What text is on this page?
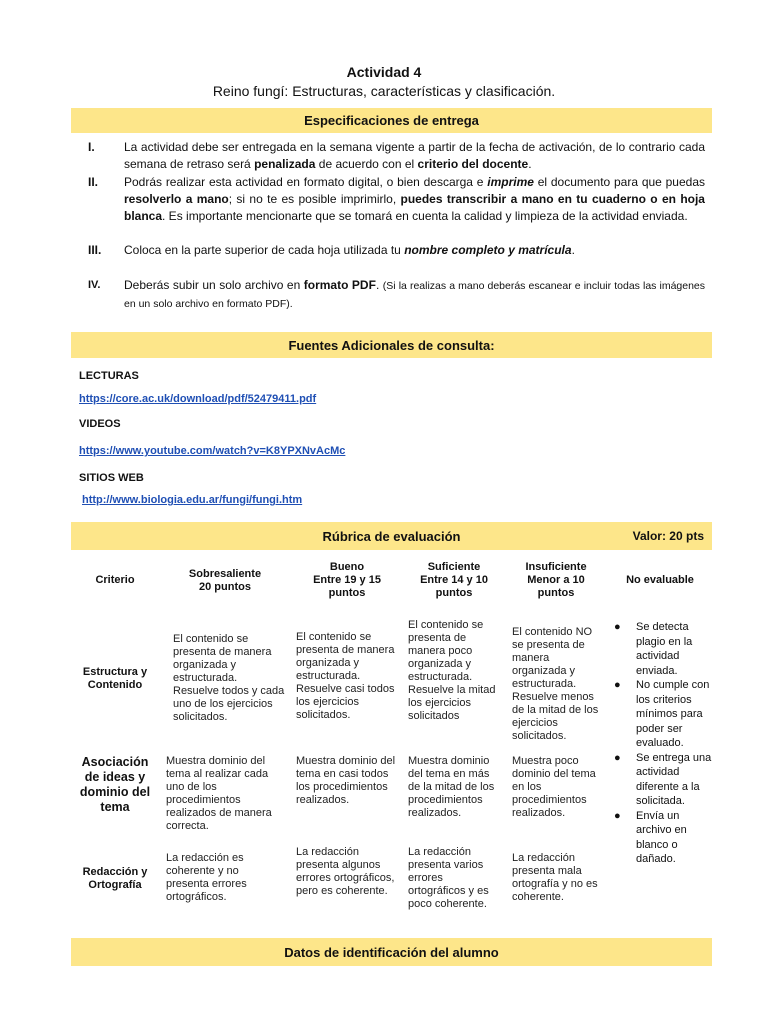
Actividad 4
Reino fungí: Estructuras, características y clasificación.
Especificaciones de entrega
I. La actividad debe ser entregada en la semana vigente a partir de la fecha de activación, de lo contrario cada semana de retraso será penalizada de acuerdo con el criterio del docente.
II. Podrás realizar esta actividad en formato digital, o bien descarga e imprime el documento para que puedas resolverlo a mano; si no te es posible imprimirlo, puedes transcribir a mano en tu cuaderno o en hoja blanca. Es importante mencionarte que se tomará en cuenta la calidad y limpieza de la actividad enviada.
III. Coloca en la parte superior de cada hoja utilizada tu nombre completo y matrícula.
IV. Deberás subir un solo archivo en formato PDF. (Si la realizas a mano deberás escanear e incluir todas las imágenes en un solo archivo en formato PDF).
Fuentes Adicionales de consulta:
LECTURAS
https://core.ac.uk/download/pdf/52479411.pdf
VIDEOS
https://www.youtube.com/watch?v=K8YPXNvAcMc
SITIOS WEB
http://www.biologia.edu.ar/fungi/fungi.htm
Rúbrica de evaluación	Valor: 20 pts
Criterio	Sobresaliente
20 puntos
Bueno
Entre 19 y 15
puntos
Suficiente
Entre 14 y 10
puntos
Insuficiente
Menor a 10
puntos
No evaluable
Estructura y
Contenido
El contenido se presenta de manera organizada y estructurada. Resuelve todos y cada uno de los ejercicios solicitados.
El contenido se presenta de manera organizada y estructurada. Resuelve casi todos los ejercicios solicitados.
El contenido se presenta de manera poco organizada y estructurada. Resuelve la mitad los ejercicios solicitados
El contenido NO se presenta de manera organizada y estructurada. Resuelve menos de la mitad de los ejercicios solicitados.
Asociación de ideas y dominio del tema
Muestra dominio del tema al realizar cada uno de los procedimientos realizados de manera correcta.
Muestra dominio del tema en casi todos los procedimientos realizados.
Muestra dominio del tema en más de la mitad de los procedimientos realizados.
Muestra poco dominio del tema en los procedimientos realizados.
Redacción y
Ortografía
La redacción es coherente y no presenta errores ortográficos.
La redacción presenta algunos errores ortográficos, pero es coherente.
La redacción presenta varios errores ortográficos y es poco coherente.
La redacción presenta mala ortografía y no es coherente.
● Se detecta plagio en la actividad enviada.
● No cumple con los criterios mínimos para poder ser evaluado.
● Se entrega una actividad diferente a la solicitada.
● Envía un archivo en blanco o dañado.
Datos de identificación del alumno
